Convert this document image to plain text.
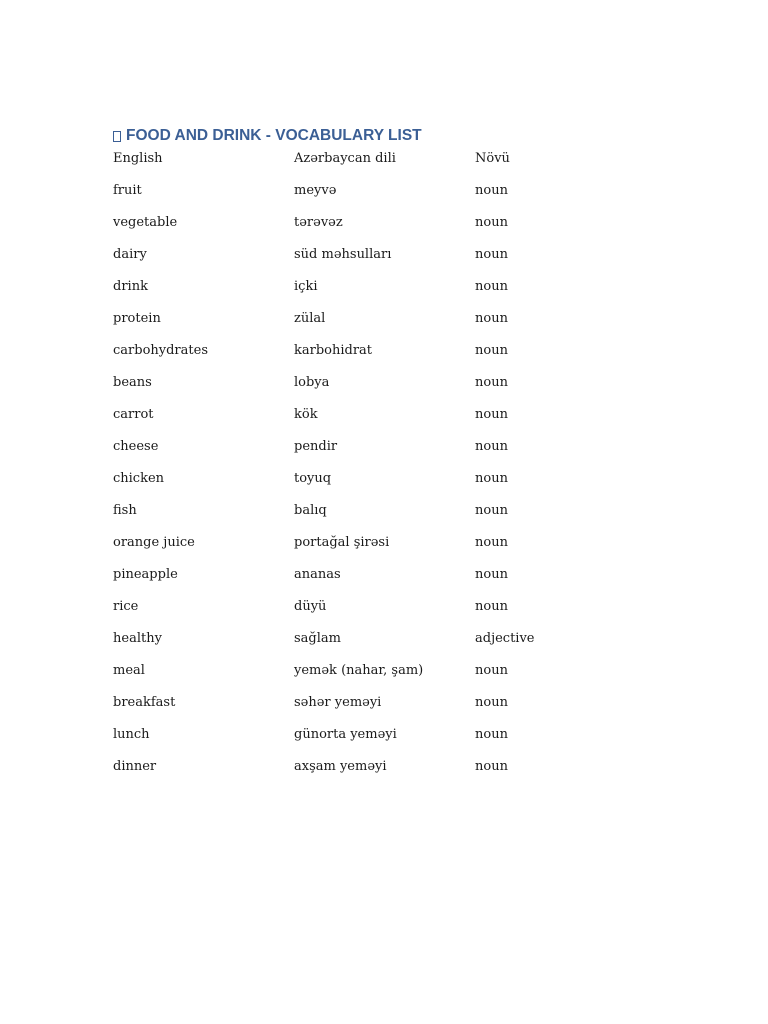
FOOD AND DRINK - VOCABULARY LIST
English	Azərbaycan dili	Növü
fruit	meyvə	noun
vegetable	tərəvəz	noun
dairy	süd məhsulları	noun
drink	içki	noun
protein	zülal	noun
carbohydrates	karbohidrat	noun
beans	lobya	noun
carrot	kök	noun
cheese	pendir	noun
chicken	toyuq	noun
fish	balıq	noun
orange juice	portağal şirəsi	noun
pineapple	ananas	noun
rice	düyü	noun
healthy	sağlam	adjective
meal	yemək (nahar, şam)	noun
breakfast	səhər yeməyi	noun
lunch	günorta yeməyi	noun
dinner	axşam yeməyi	noun
